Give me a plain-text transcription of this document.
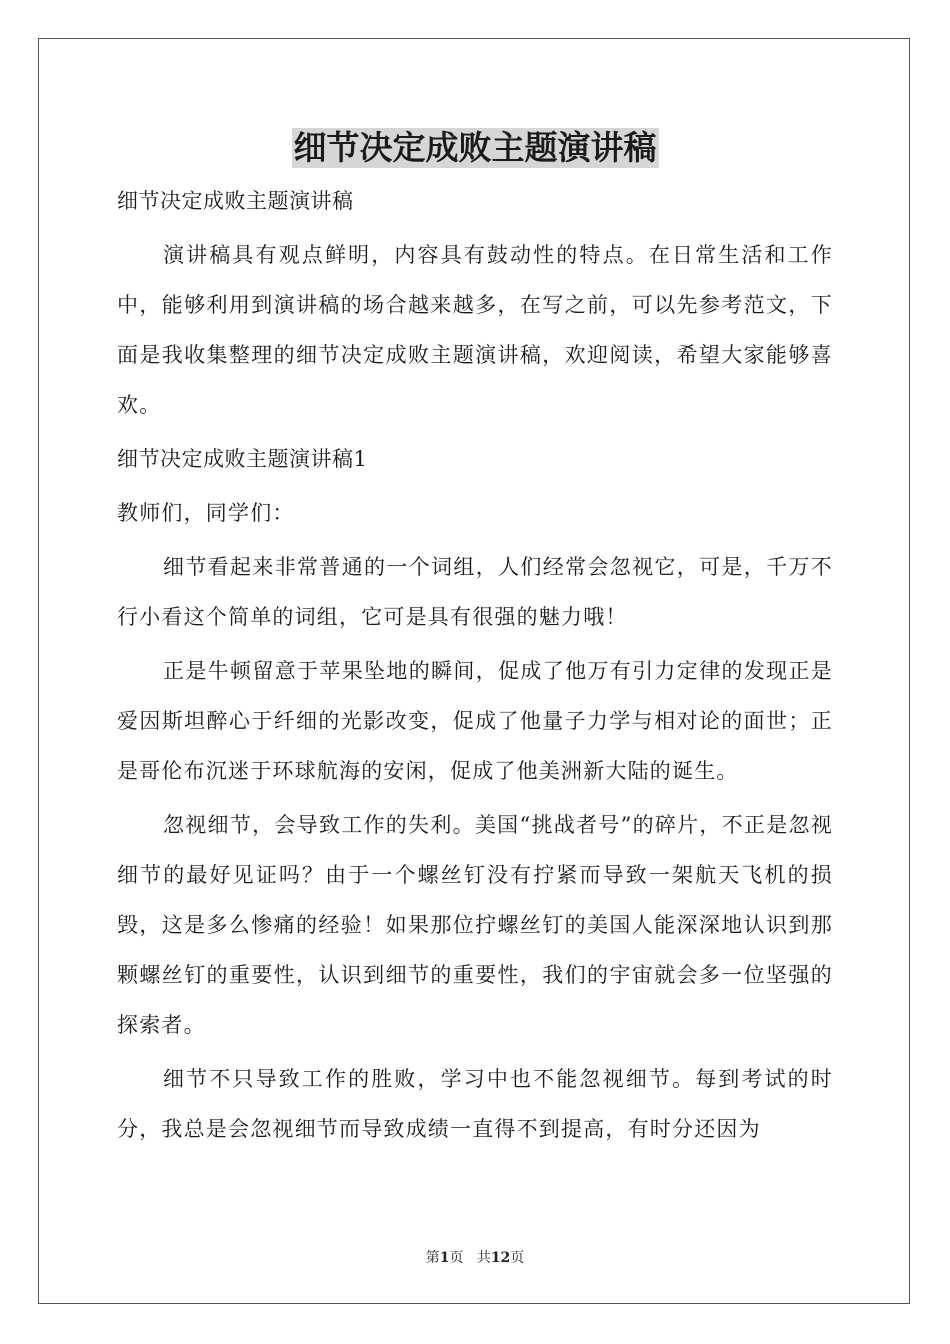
细节决定成败主题演讲稿

细节决定成败主题演讲稿

演讲稿具有观点鲜明，内容具有鼓动性的特点。在日常生活和工作中，能够利用到演讲稿的场合越来越多，在写之前，可以先参考范文，下面是我收集整理的细节决定成败主题演讲稿，欢迎阅读，希望大家能够喜欢。

细节决定成败主题演讲稿1

教师们，同学们：

细节看起来非常普通的一个词组，人们经常会忽视它，可是，千万不行小看这个简单的词组，它可是具有很强的魅力哦！

正是牛顿留意于苹果坠地的瞬间，促成了他万有引力定律的发现正是爱因斯坦醉心于纤细的光影改变，促成了他量子力学与相对论的面世；正是哥伦布沉迷于环球航海的安闲，促成了他美洲新大陆的诞生。

忽视细节，会导致工作的失利。美国“挑战者号”的碎片，不正是忽视细节的最好见证吗？由于一个螺丝钉没有拧紧而导致一架航天飞机的损毁，这是多么惨痛的经验！如果那位拧螺丝钉的美国人能深深地认识到那颗螺丝钉的重要性，认识到细节的重要性，我们的宇宙就会多一位坚强的探索者。

细节不只导致工作的胜败，学习中也不能忽视细节。每到考试的时分，我总是会忽视细节而导致成绩一直得不到提高，有时分还因为

第1页 共12页
